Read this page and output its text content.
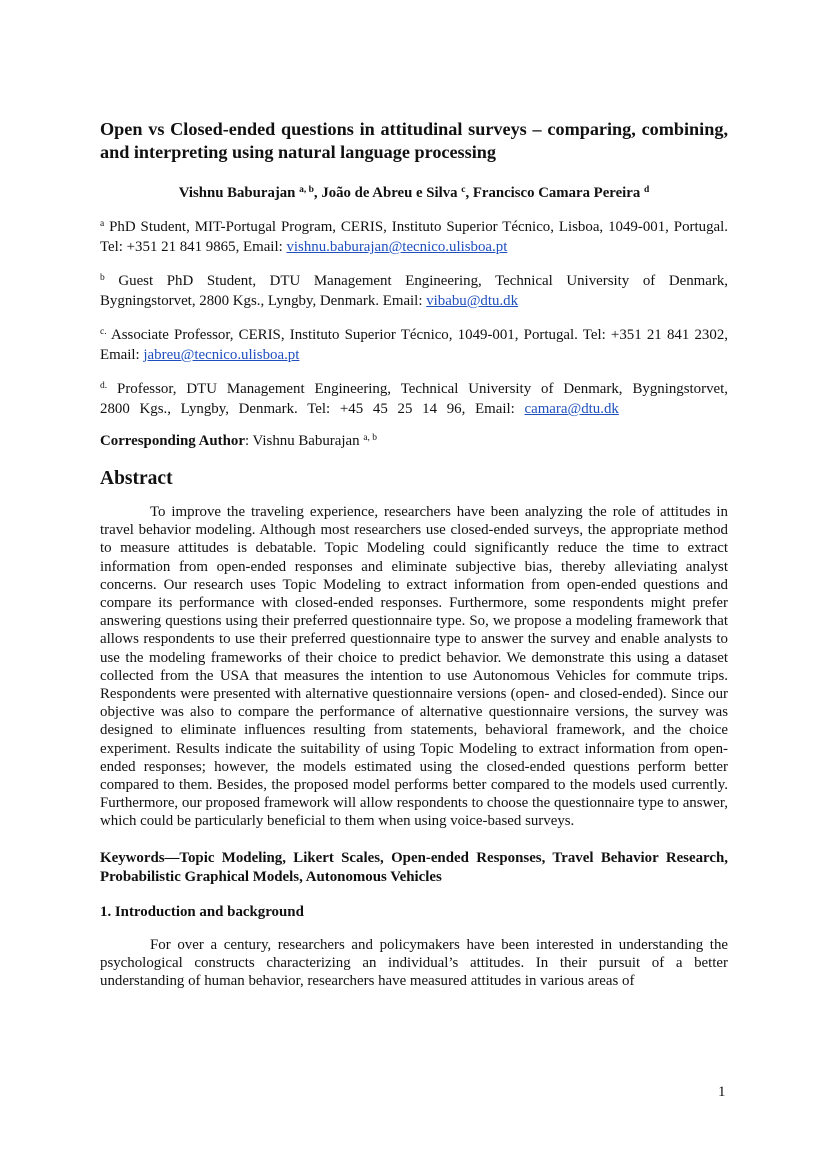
Open vs Closed-ended questions in attitudinal surveys – comparing, combining, and interpreting using natural language processing
Vishnu Baburajan $^{a, b}$, João de Abreu e Silva $^c$, Francisco Camara Pereira $^d$

$^a$ PhD Student, MIT-Portugal Program, CERIS, Instituto Superior Técnico, Lisboa, 1049-001, Portugal. Tel: +351 21 841 9865, Email: vishnu.baburajan@tecnico.ulisboa.pt

$^b$ Guest PhD Student, DTU Management Engineering, Technical University of Denmark, Bygningstorvet, 2800 Kgs., Lyngby, Denmark. Email: vibabu@dtu.dk

$^{c.}$ Associate Professor, CERIS, Instituto Superior Técnico, 1049-001, Portugal. Tel: +351 21 841 2302, Email: jabreu@tecnico.ulisboa.pt

$^{d.}$ Professor, DTU Management Engineering, Technical University of Denmark, Bygningstorvet, 2800 Kgs., Lyngby, Denmark. Tel: +45 45 25 14 96, Email: camara@dtu.dk

Corresponding Author: Vishnu Baburajan $^{a, b}$

Abstract

To improve the traveling experience, researchers have been analyzing the role of attitudes in travel behavior modeling. Although most researchers use closed-ended surveys, the appropriate method to measure attitudes is debatable. Topic Modeling could significantly reduce the time to extract information from open-ended responses and eliminate subjective bias, thereby alleviating analyst concerns. Our research uses Topic Modeling to extract information from open-ended questions and compare its performance with closed-ended responses. Furthermore, some respondents might prefer answering questions using their preferred questionnaire type. So, we propose a modeling framework that allows respondents to use their preferred questionnaire type to answer the survey and enable analysts to use the modeling frameworks of their choice to predict behavior. We demonstrate this using a dataset collected from the USA that measures the intention to use Autonomous Vehicles for commute trips. Respondents were presented with alternative questionnaire versions (open- and closed-ended). Since our objective was also to compare the performance of alternative questionnaire versions, the survey was designed to eliminate influences resulting from statements, behavioral framework, and the choice experiment. Results indicate the suitability of using Topic Modeling to extract information from open-ended responses; however, the models estimated using the closed-ended questions perform better compared to them. Besides, the proposed model performs better compared to the models used currently. Furthermore, our proposed framework will allow respondents to choose the questionnaire type to answer, which could be particularly beneficial to them when using voice-based surveys.

Keywords—Topic Modeling, Likert Scales, Open-ended Responses, Travel Behavior Research, Probabilistic Graphical Models, Autonomous Vehicles

1. Introduction and background

For over a century, researchers and policymakers have been interested in understanding the psychological constructs characterizing an individual’s attitudes. In their pursuit of a better understanding of human behavior, researchers have measured attitudes in various areas of

1
